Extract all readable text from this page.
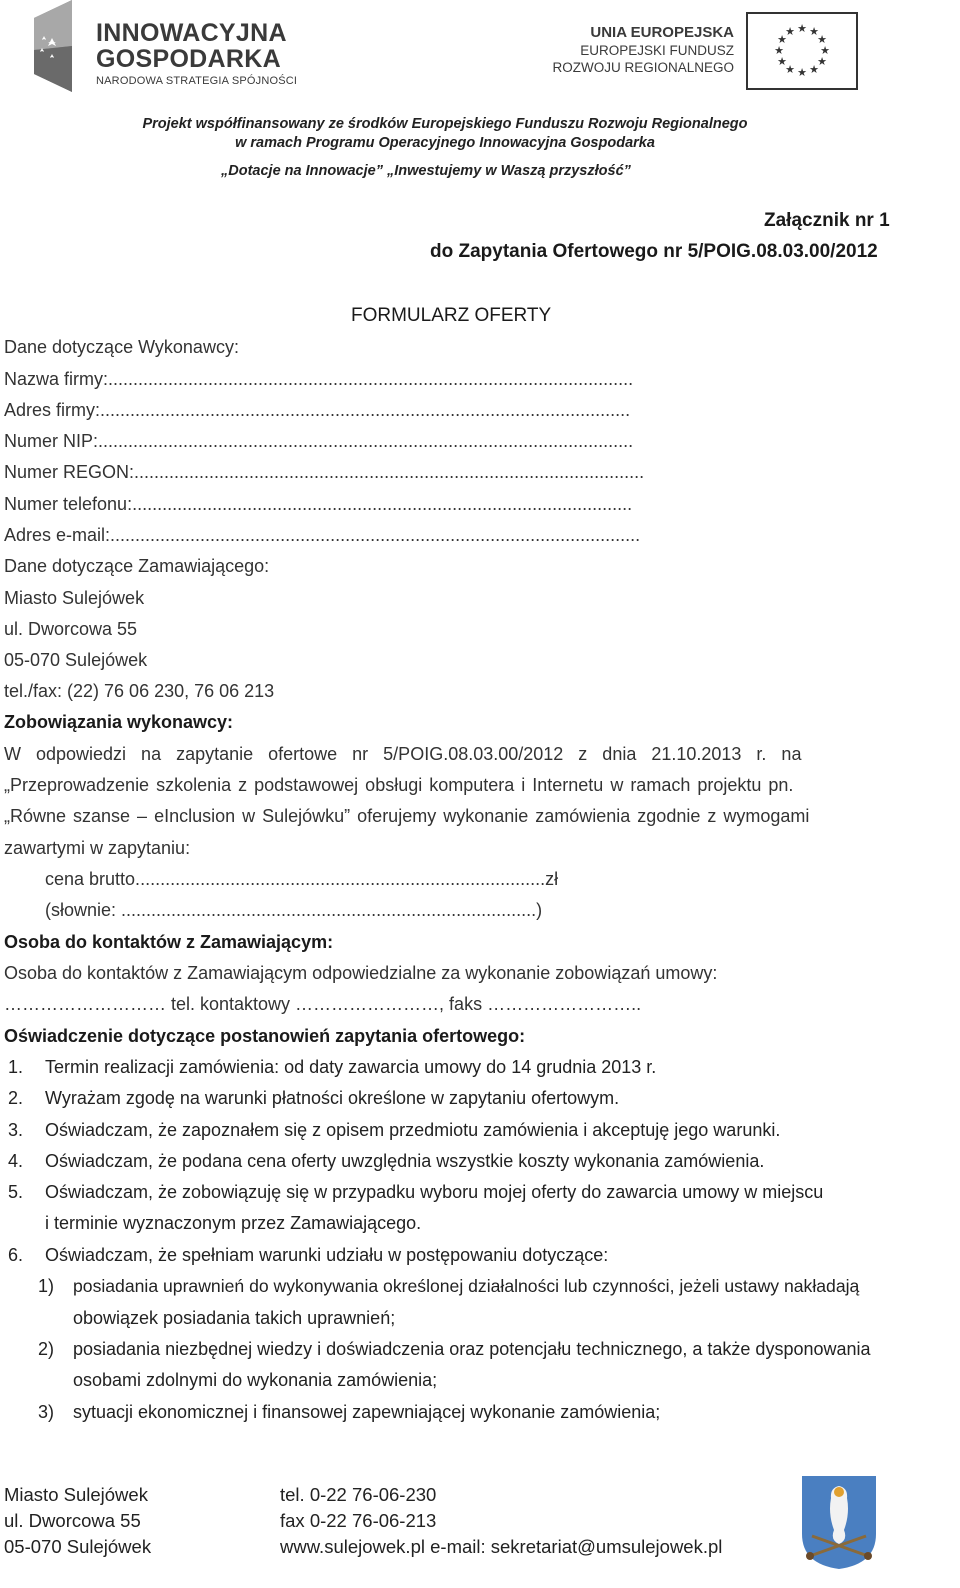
INNOWACYJNA
GOSPODARKA
NARODOWA STRATEGIA SPÓJNOŚCI
UNIA EUROPEJSKA
EUROPEJSKI FUNDUSZ
ROZWOJU REGIONALNEGO
★ ★
★
★
★
★
★
★
★
★
★
★
Projekt współfinansowany ze środków Europejskiego Funduszu Rozwoju Regionalnego
w ramach Programu Operacyjnego Innowacyjna Gospodarka
„Dotacje na Innowacje” „Inwestujemy w Waszą przyszłość”
Załącznik nr 1
do Zapytania Ofertowego nr 5/POIG.08.03.00/2012
FORMULARZ OFERTY
Dane dotyczące Wykonawcy:
Nazwa firmy:.........................................................................................................
Adres firmy:..........................................................................................................
Numer NIP:...........................................................................................................
Numer REGON:......................................................................................................
Numer telefonu:....................................................................................................
Adres e-mail:..........................................................................................................
Dane dotyczące Zamawiającego:
Miasto Sulejówek
ul. Dworcowa 55
05-070 Sulejówek
tel./fax: (22) 76 06 230, 76 06 213
Zobowiązania wykonawcy:
W odpowiedzi na zapytanie ofertowe nr 5/POIG.08.03.00/2012 z dnia 21.10.2013 r. na
„Przeprowadzenie szkolenia z podstawowej obsługi komputera i Internetu w ramach projektu pn.
„Równe szanse – eInclusion w Sulejówku” oferujemy wykonanie zamówienia zgodnie z wymogami
zawartymi w zapytaniu:
cena brutto..................................................................................zł
(słownie: ...................................................................................)
Osoba do kontaktów z Zamawiającym:
Osoba do kontaktów z Zamawiającym odpowiedzialne za wykonanie zobowiązań umowy:
……………………… tel. kontaktowy ……………………, faks ……………………..
Oświadczenie dotyczące postanowień zapytania ofertowego:
1. Termin realizacji zamówienia: od daty zawarcia umowy do 14 grudnia 2013 r.
2. Wyrażam zgodę na warunki płatności określone w zapytaniu ofertowym.
3. Oświadczam, że zapoznałem się z opisem przedmiotu zamówienia i akceptuję jego warunki.
4. Oświadczam, że podana cena oferty uwzględnia wszystkie koszty wykonania zamówienia.
5. Oświadczam, że zobowiązuję się w przypadku wyboru mojej oferty do zawarcia umowy w miejscu
i terminie wyznaczonym przez Zamawiającego.
6. Oświadczam, że spełniam warunki udziału w postępowaniu dotyczące:
1) posiadania uprawnień do wykonywania określonej działalności lub czynności, jeżeli ustawy nakładają
obowiązek posiadania takich uprawnień;
2) posiadania niezbędnej wiedzy i doświadczenia oraz potencjału technicznego, a także dysponowania
osobami zdolnymi do wykonania zamówienia;
3) sytuacji ekonomicznej i finansowej zapewniającej wykonanie zamówienia;
Miasto Sulejówek
ul. Dworcowa 55
05-070 Sulejówek
tel. 0-22 76-06-230
fax 0-22 76-06-213
www.sulejowek.pl e-mail: sekretariat@umsulejowek.pl
